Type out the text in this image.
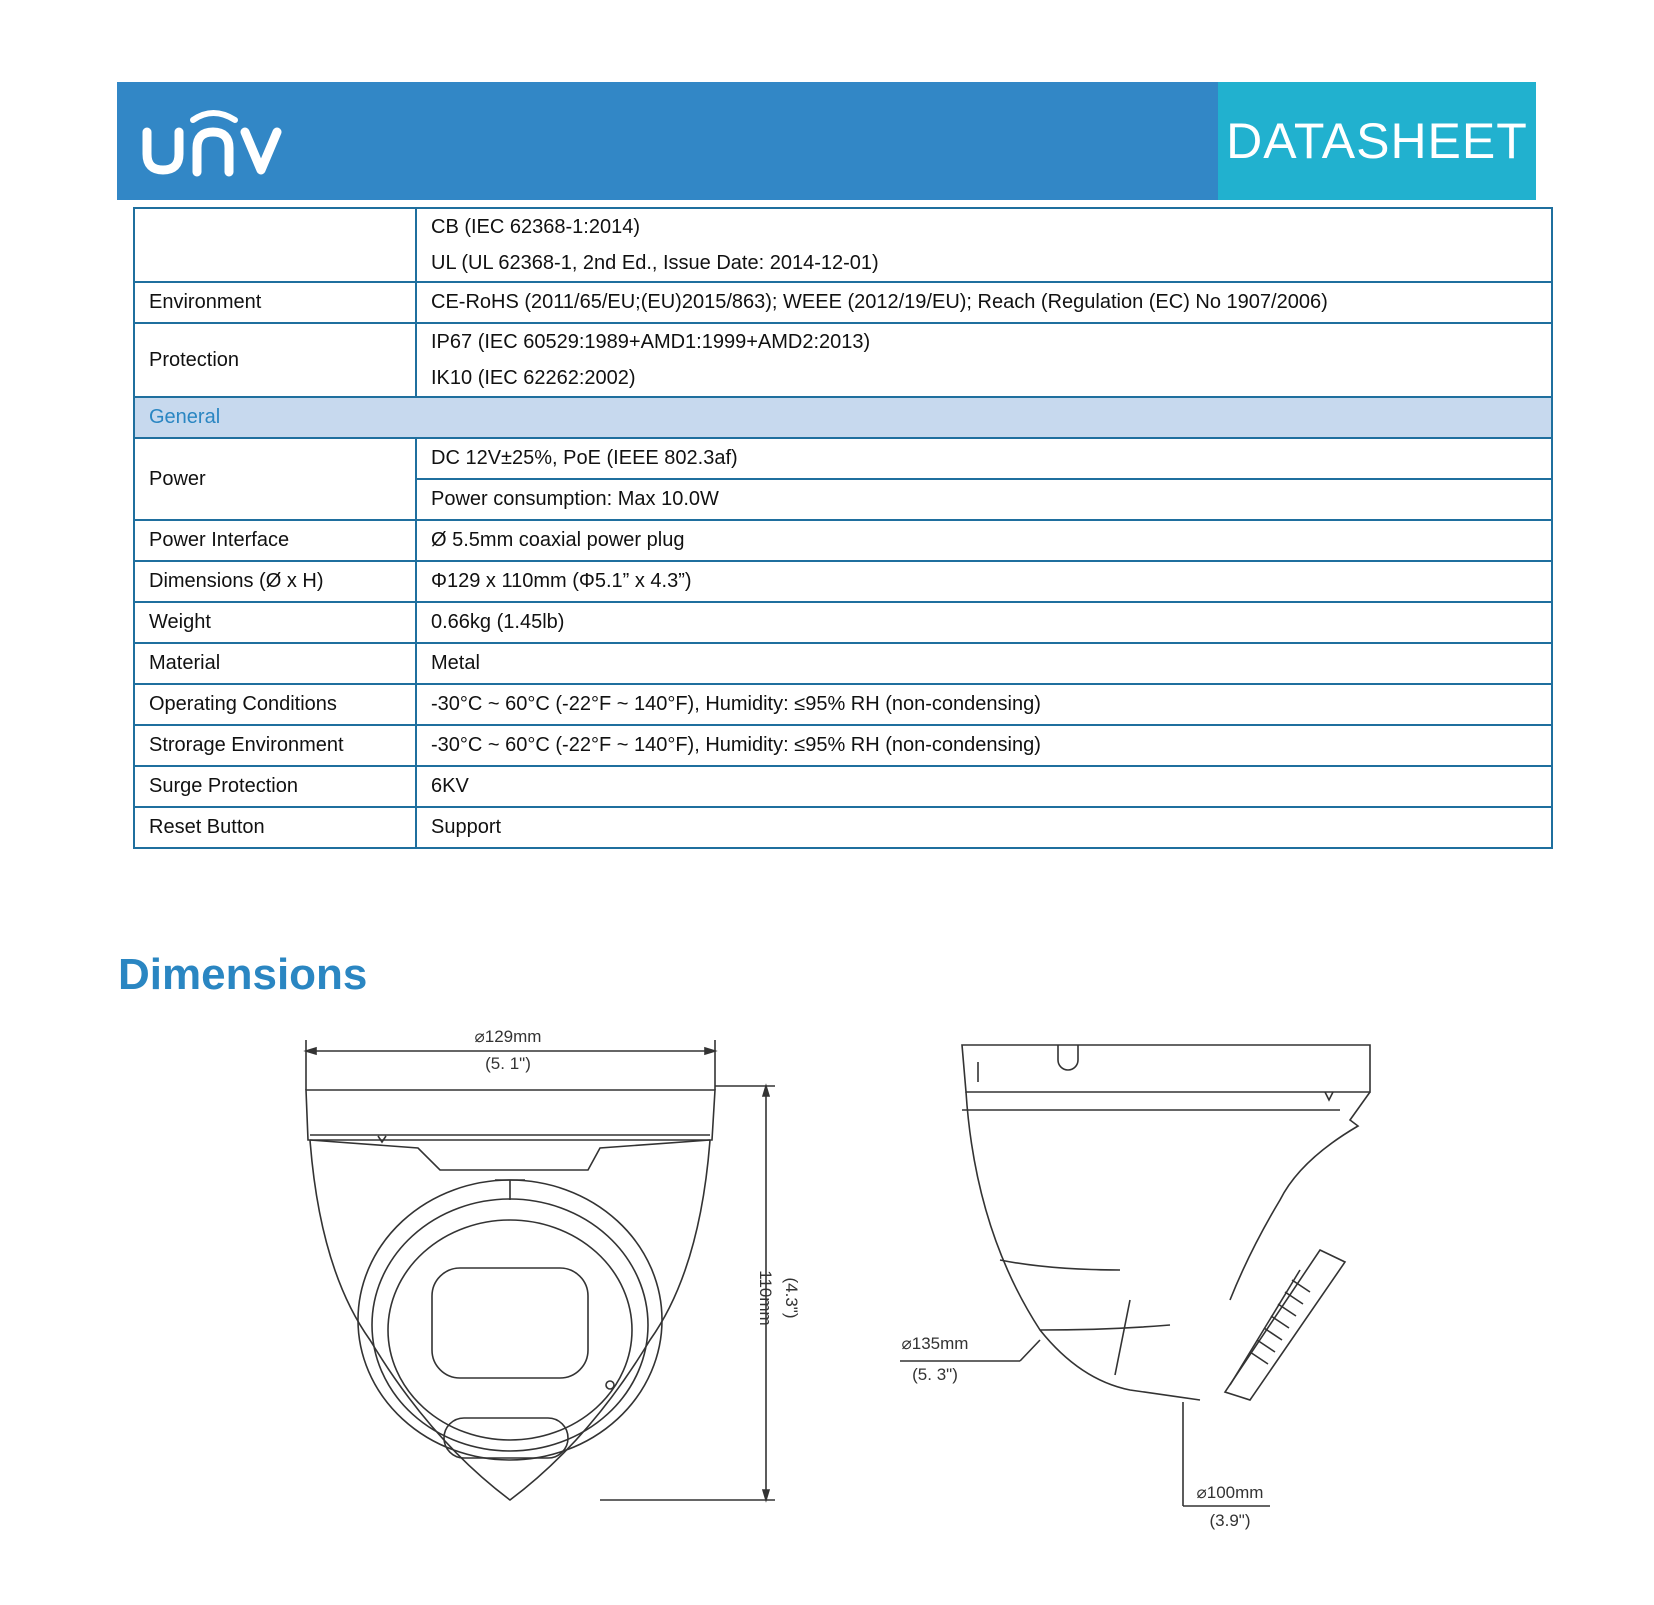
DATASHEET

	CB (IEC 62368-1:2014)
UL (UL 62368-1, 2nd Ed., Issue Date: 2014-12-01)

Environment	CE-RoHS (2011/65/EU;(EU)2015/863); WEEE (2012/19/EU); Reach (Regulation (EC) No 1907/2006)
Protection	IP67 (IEC 60529:1989+AMD1:1999+AMD2:2013)
IK10 (IEC 62262:2002)

General	
Power	DC 12V±25%, PoE (IEEE 802.3af)
	Power consumption: Max 10.0W
Power Interface	Ø 5.5mm coaxial power plug
Dimensions (Ø x H)	Φ129 x 110mm (Φ5.1” x 4.3”)
Weight	0.66kg (1.45lb)
Material	Metal
Operating Conditions	-30°C ~ 60°C (-22°F ~ 140°F), Humidity: ≤95% RH (non-condensing)
Strorage Environment	-30°C ~ 60°C (-22°F ~ 140°F), Humidity: ≤95% RH (non-condensing)
Surge Protection	6KV
Reset Button	Support
Dimensions
⌀129mm
(5. 1")
110mm (4.3")
⌀135mm
(5. 3")
⌀100mm
(3.9")
